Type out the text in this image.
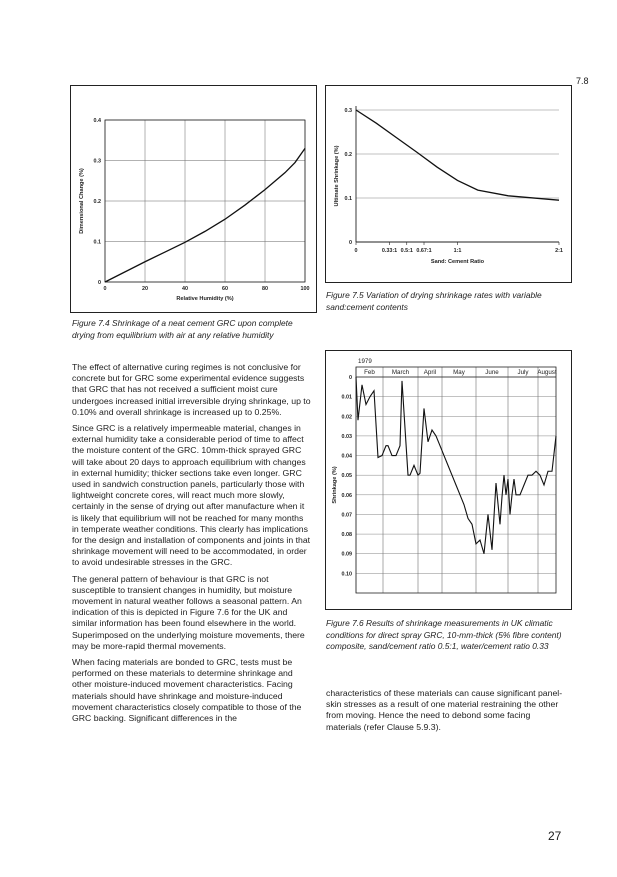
7.8
27
0	20	40	60	80	100
0
0.1
0.2
0.3
0.4
Relative Humidity (%)
Dimensional Change (%)
Figure 7.4 Shrinkage of a neat cement GRC upon complete drying from equilibrium with air at any relative humidity
0	0.33:1 0.5:1 0.67:1	1:1	2:1
0
0.1
0.2
0.3
Sand: Cement Ratio
Ultimate Shrinkage (%)
Figure 7.5 Variation of drying shrinkage rates with variable sand:cement contents
1979
Feb	March April	May	June	July August
0
0.01
0.02
0.03
0.04
0.05
0.06
0.07
0.08
0.09
0.10
Shrinkage (%)
Figure 7.6 Results of shrinkage measurements in UK climatic conditions for direct spray GRC, 10-mm-thick (5% fibre content) composite, sand/cement ratio 0.5:1, water/cement ratio 0.33

The effect of alternative curing regimes is not conclusive for concrete but for GRC some experimental evidence suggests that GRC that has not received a sufficient moist cure undergoes increased initial irreversible drying shrinkage, up to 0.10% and overall shrinkage is increased up to 0.25%.

Since GRC is a relatively impermeable material, changes in external humidity take a considerable period of time to affect the moisture content of the GRC. 10mm-thick sprayed GRC will take about 20 days to approach equilibrium with changes in external humidity; thicker sections take even longer. GRC used in sandwich construction panels, particularly those with lightweight concrete cores, will react much more slowly, certainly in the sense of drying out after manufacture when it is likely that equilibrium will not be reached for many months in temperate weather conditions. This clearly has implications for the design and installation of components and joints in that shrinkage movement will need to be accommodated, in order to avoid undesirable stresses in the GRC.

The general pattern of behaviour is that GRC is not susceptible to transient changes in humidity, but moisture movement in natural weather follows a seasonal pattern. An indication of this is depicted in Figure 7.6 for the UK and similar information has been found elsewhere in the world. Superimposed on the underlying moisture movements, there may be more-rapid thermal movements.

When facing materials are bonded to GRC, tests must be performed on these materials to determine shrinkage and other moisture-induced movement characteristics. Facing materials should have shrinkage and moisture-induced movement characteristics closely compatible to those of the GRC backing. Significant differences in the

characteristics of these materials can cause significant panel-skin stresses as a result of one material restraining the other from moving. Hence the need to debond some facing materials (refer Clause 5.9.3).
